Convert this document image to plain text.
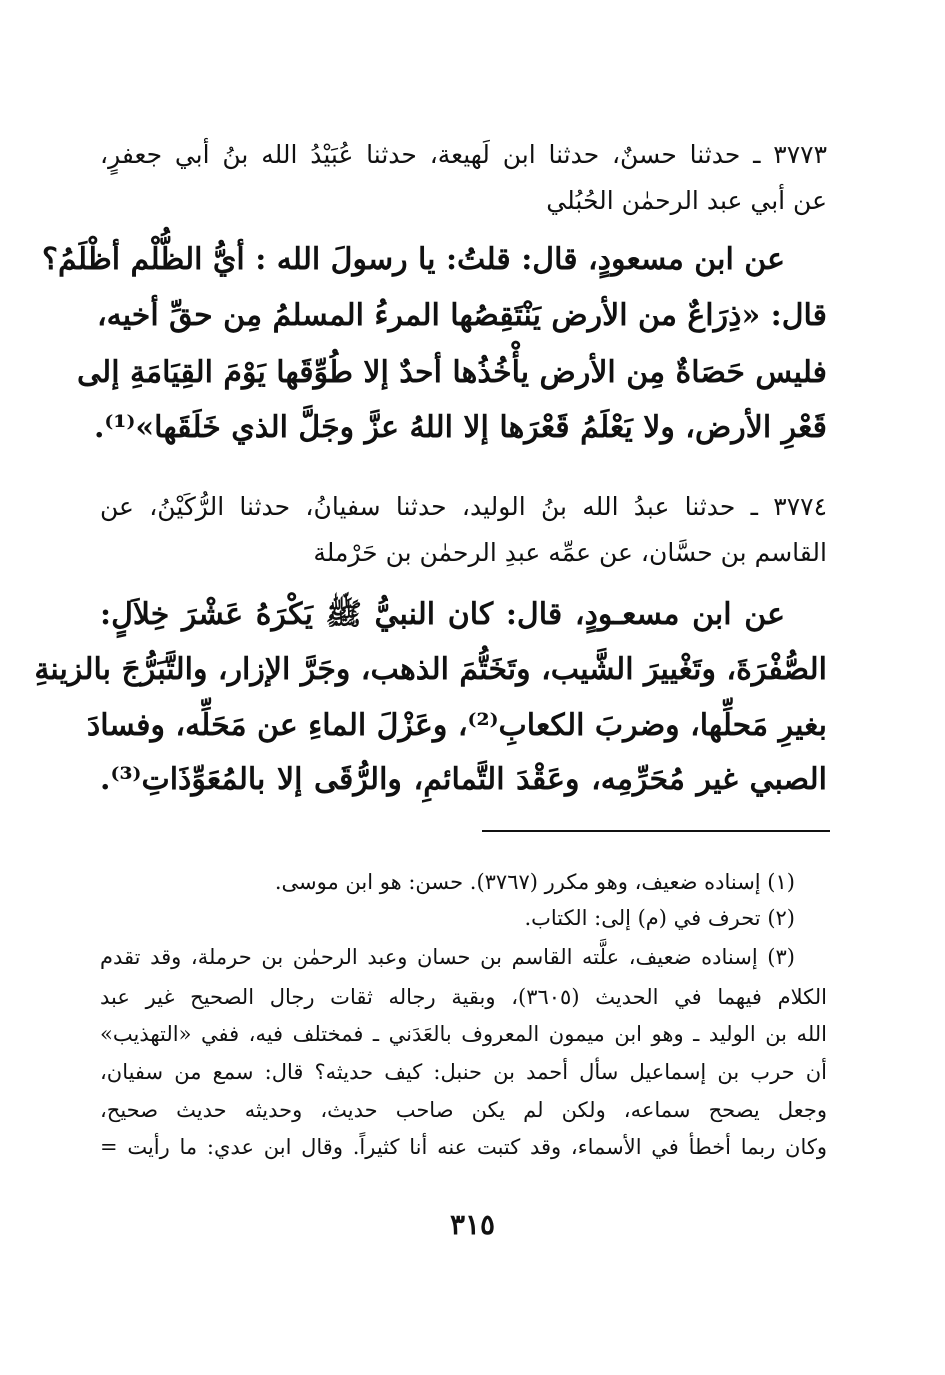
٣٧٧٣ ـ حدثنا حسنٌ، حدثنا ابن لَهيعة، حدثنا عُبَيْدُ الله بنُ أبي جعفرٍ،
عن أبي عبد الرحمٰن الحُبُلي
عن ابن مسعودٍ، قال: قلتُ: يا رسولَ الله : أيُّ الظُّلْم أظْلَمُ؟
قال: «ذِرَاعٌ من الأرض يَنْتَقِصُها المرءُ المسلمُ مِن حقِّ أخيه،
فليس حَصَاةٌ مِن الأرض يأْخُذُها أحدٌ إلا طُوِّقَها يَوْمَ القِيَامَةِ إلى
قَعْرِ الأرض، ولا يَعْلَمُ قَعْرَها إلا اللهُ عزَّ وجَلَّ الذي خَلَقَها»⁽¹⁾.
٣٧٧٤ ـ حدثنا عبدُ الله بنُ الوليد، حدثنا سفيانُ، حدثنا الرُّكَيْنُ، عن
القاسم بن حسَّان، عن عمِّه عبدِ الرحمٰن بن حَرْملة
عن ابن مسعـودٍ، قال: كان النبيُّ ﷺ يَكْرَهُ عَشْرَ خِلاَلٍ:
الصُّفْرَةَ، وتَغْييرَ الشَّيب، وتَخَتُّمَ الذهب، وجَرَّ الإزار، والتَّبَرُّجَ بالزينةِ
بغيرِ مَحلِّها، وضربَ الكعابِ⁽²⁾، وعَزْلَ الماءِ عن مَحَلِّه، وفسادَ
الصبي غير مُحَرِّمِه، وعَقْدَ التَّمائمِ، والرُّقَى إلا بالمُعَوِّذَاتِ⁽³⁾.
(١) إسناده ضعيف، وهو مكرر (٣٧٦٧). حسن: هو ابن موسى.
(٢) تحرف في (م) إلى: الكتاب.
(٣) إسناده ضعيف، علَّته القاسم بن حسان وعبد الرحمٰن بن حرملة، وقد تقدم
الكلام فيهما في الحديث (٣٦٠٥)، وبقية رجاله ثقات رجال الصحيح غير عبد
الله بن الوليد ـ وهو ابن ميمون المعروف بالعَدَني ـ فمختلف فيه، ففي «التهذيب»
أن حرب بن إسماعيل سأل أحمد بن حنبل: كيف حديثه؟ قال: سمع من سفيان،
وجعل يصحح سماعه، ولكن لم يكن صاحب حديث، وحديثه حديث صحيح،
وكان ربما أخطأ في الأسماء، وقد كتبت عنه أنا كثيراً. وقال ابن عدي: ما رأيت =
٣١٥
